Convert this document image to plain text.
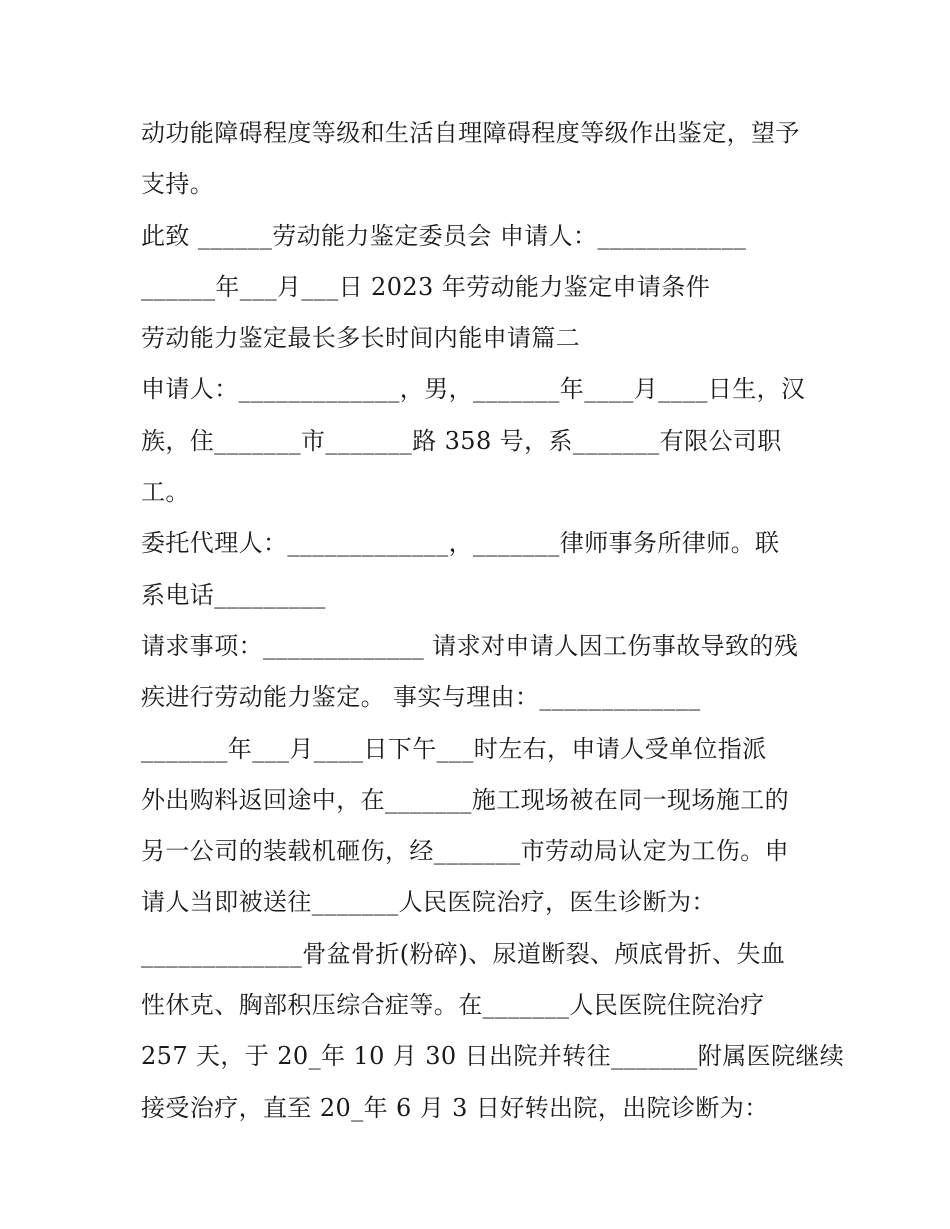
动功能障碍程度等级和生活自理障碍程度等级作出鉴定，望予
支持。
此致 ______劳动能力鉴定委员会 申请人：____________
______年___月___日 2023 年劳动能力鉴定申请条件
劳动能力鉴定最长多长时间内能申请篇二
申请人：_____________，男，_______年____月____日生，汉
族，住_______市_______路 358 号，系_______有限公司职
工。
委托代理人：_____________，_______律师事务所律师。联
系电话_________
请求事项：_____________ 请求对申请人因工伤事故导致的残
疾进行劳动能力鉴定。 事实与理由：_____________
_______年___月____日下午___时左右，申请人受单位指派
外出购料返回途中，在_______施工现场被在同一现场施工的
另一公司的装载机砸伤，经_______市劳动局认定为工伤。申
请人当即被送往_______人民医院治疗，医生诊断为：
_____________骨盆骨折(粉碎)、尿道断裂、颅底骨折、失血
性休克、胸部积压综合症等。在_______人民医院住院治疗
257 天，于 20_年 10 月 30 日出院并转往_______附属医院继续
接受治疗，直至 20_年 6 月 3 日好转出院，出院诊断为：
